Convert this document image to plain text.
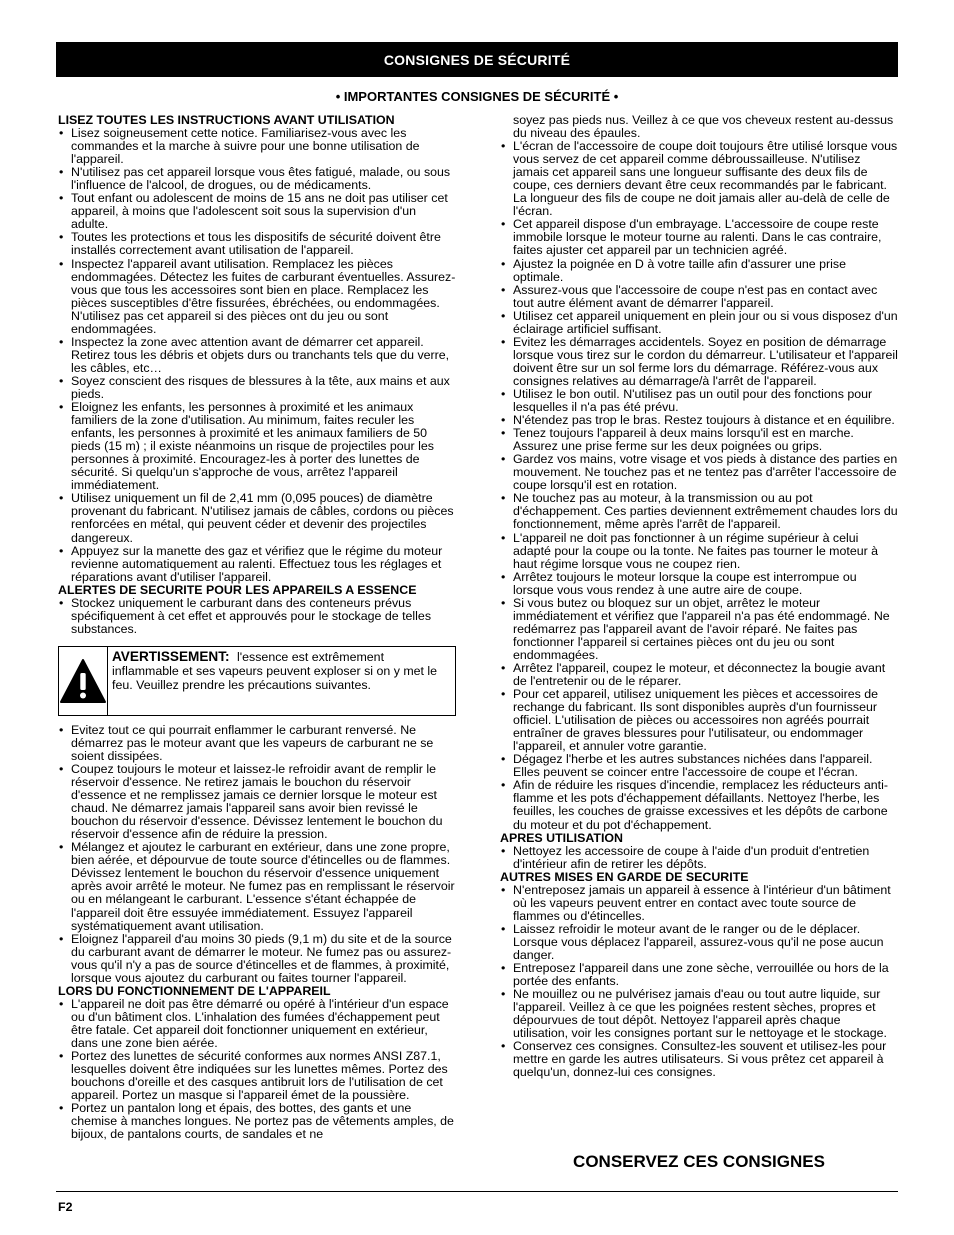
CONSIGNES DE SÉCURITÉ
• IMPORTANTES CONSIGNES DE SÉCURITÉ •
LISEZ TOUTES LES INSTRUCTIONS AVANT UTILISATION
• Lisez soigneusement cette notice. Familiarisez-vous avec les commandes et la marche à suivre pour une bonne utilisation de l'appareil.
• N'utilisez pas cet appareil lorsque vous êtes fatigué, malade, ou sous l'influence de l'alcool, de drogues, ou de médicaments.
• Tout enfant ou adolescent de moins de 15 ans ne doit pas utiliser cet appareil, à moins que l'adolescent soit sous la supervision d'un adulte.
• Toutes les protections et tous les dispositifs de sécurité doivent être installés correctement avant utilisation de l'appareil.
• Inspectez l'appareil avant utilisation. Remplacez les pièces endommagées. Détectez les fuites de carburant éventuelles. Assurez-vous que tous les accessoires sont bien en place. Remplacez les pièces susceptibles d'être fissurées, ébréchées, ou endommagées. N'utilisez pas cet appareil si des pièces ont du jeu ou sont endommagées.
• Inspectez la zone avec attention avant de démarrer cet appareil. Retirez tous les débris et objets durs ou tranchants tels que du verre, les câbles, etc…
• Soyez conscient des risques de blessures à la tête, aux mains et aux pieds.
• Eloignez les enfants, les personnes à proximité et les animaux familiers de la zone d'utilisation. Au minimum, faites reculer les enfants, les personnes à proximité et les animaux familiers de 50 pieds (15 m) ; il existe néanmoins un risque de projectiles pour les personnes à proximité. Encouragez-les à porter des lunettes de sécurité. Si quelqu'un s'approche de vous, arrêtez l'appareil immédiatement.
• Utilisez uniquement un fil de 2,41 mm (0,095 pouces) de diamètre provenant du fabricant. N'utilisez jamais de câbles, cordons ou pièces renforcées en métal, qui peuvent céder et devenir des projectiles dangereux.
• Appuyez sur la manette des gaz et vérifiez que le régime du moteur revienne automatiquement au ralenti. Effectuez tous les réglages et réparations avant d'utiliser l'appareil.
ALERTES DE SECURITE POUR LES APPAREILS A ESSENCE
• Stockez uniquement le carburant dans des conteneurs prévus spécifiquement à cet effet et approuvés pour le stockage de telles substances.
AVERTISSEMENT: l'essence est extrêmement inflammable et ses vapeurs peuvent exploser si on y met le feu. Veuillez prendre les précautions suivantes.
• Evitez tout ce qui pourrait enflammer le carburant renversé. Ne démarrez pas le moteur avant que les vapeurs de carburant ne se soient dissipées.
• Coupez toujours le moteur et laissez-le refroidir avant de remplir le réservoir d'essence. Ne retirez jamais le bouchon du réservoir d'essence et ne remplissez jamais ce dernier lorsque le moteur est chaud. Ne démarrez jamais l'appareil sans avoir bien revissé le bouchon du réservoir d'essence. Dévissez lentement le bouchon du réservoir d'essence afin de réduire la pression.
• Mélangez et ajoutez le carburant en extérieur, dans une zone propre, bien aérée, et dépourvue de toute source d'étincelles ou de flammes. Dévissez lentement le bouchon du réservoir d'essence uniquement après avoir arrêté le moteur. Ne fumez pas en remplissant le réservoir ou en mélangeant le carburant. L'essence s'étant échappée de l'appareil doit être essuyée immédiatement. Essuyez l'appareil systématiquement avant utilisation.
• Eloignez l'appareil d'au moins 30 pieds (9,1 m) du site et de la source du carburant avant de démarrer le moteur. Ne fumez pas ou assurez-vous qu'il n'y a pas de source d'étincelles et de flammes, à proximité, lorsque vous ajoutez du carburant ou faites tourner l'appareil.
LORS DU FONCTIONNEMENT DE L'APPAREIL
• L'appareil ne doit pas être démarré ou opéré à l'intérieur d'un espace ou d'un bâtiment clos. L'inhalation des fumées d'échappement peut être fatale. Cet appareil doit fonctionner uniquement en extérieur, dans une zone bien aérée.
• Portez des lunettes de sécurité conformes aux normes ANSI Z87.1, lesquelles doivent être indiquées sur les lunettes mêmes. Portez des bouchons d'oreille et des casques antibruit lors de l'utilisation de cet appareil. Portez un masque si l'appareil émet de la poussière.
• Portez un pantalon long et épais, des bottes, des gants et une chemise à manches longues. Ne portez pas de vêtements amples, de bijoux, de pantalons courts, de sandales et ne
soyez pas pieds nus. Veillez à ce que vos cheveux restent au-dessus du niveau des épaules.
• L'écran de l'accessoire de coupe doit toujours être utilisé lorsque vous vous servez de cet appareil comme débroussailleuse. N'utilisez jamais cet appareil sans une longueur suffisante des deux fils de coupe, ces derniers devant être ceux recommandés par le fabricant. La longueur des fils de coupe ne doit jamais aller au-delà de celle de l'écran.
• Cet appareil dispose d'un embrayage. L'accessoire de coupe reste immobile lorsque le moteur tourne au ralenti. Dans le cas contraire, faites ajuster cet appareil par un technicien agréé.
• Ajustez la poignée en D à votre taille afin d'assurer une prise optimale.
• Assurez-vous que l'accessoire de coupe n'est pas en contact avec tout autre élément avant de démarrer l'appareil.
• Utilisez cet appareil uniquement en plein jour ou si vous disposez d'un éclairage artificiel suffisant.
• Evitez les démarrages accidentels. Soyez en position de démarrage lorsque vous tirez sur le cordon du démarreur. L'utilisateur et l'appareil doivent être sur un sol ferme lors du démarrage. Référez-vous aux consignes relatives au démarrage/à l'arrêt de l'appareil.
• Utilisez le bon outil. N'utilisez pas un outil pour des fonctions pour lesquelles il n'a pas été prévu.
• N'étendez pas trop le bras. Restez toujours à distance et en équilibre.
• Tenez toujours l'appareil à deux mains lorsqu'il est en marche. Assurez une prise ferme sur les deux poignées ou grips.
• Gardez vos mains, votre visage et vos pieds à distance des parties en mouvement. Ne touchez pas et ne tentez pas d'arrêter l'accessoire de coupe lorsqu'il est en rotation.
• Ne touchez pas au moteur, à la transmission ou au pot d'échappement. Ces parties deviennent extrêmement chaudes lors du fonctionnement, même après l'arrêt de l'appareil.
• L'appareil ne doit pas fonctionner à un régime supérieur à celui adapté pour la coupe ou la tonte. Ne faites pas tourner le moteur à haut régime lorsque vous ne coupez rien.
• Arrêtez toujours le moteur lorsque la coupe est interrompue ou lorsque vous vous rendez à une autre aire de coupe.
• Si vous butez ou bloquez sur un objet, arrêtez le moteur immédiatement et vérifiez que l'appareil n'a pas été endommagé. Ne redémarrez pas l'appareil avant de l'avoir réparé. Ne faites pas fonctionner l'appareil si certaines pièces ont du jeu ou sont endommagées.
• Arrêtez l'appareil, coupez le moteur, et déconnectez la bougie avant de l'entretenir ou de le réparer.
• Pour cet appareil, utilisez uniquement les pièces et accessoires de rechange du fabricant. Ils sont disponibles auprès d'un fournisseur officiel. L'utilisation de pièces ou accessoires non agréés pourrait entraîner de graves blessures pour l'utilisateur, ou endommager l'appareil, et annuler votre garantie.
• Dégagez l'herbe et les autres substances nichées dans l'appareil. Elles peuvent se coincer entre l'accessoire de coupe et l'écran.
• Afin de réduire les risques d'incendie, remplacez les réducteurs anti-flamme et les pots d'échappement défaillants. Nettoyez l'herbe, les feuilles, les couches de graisse excessives et les dépôts de carbone du moteur et du pot d'échappement.
APRES UTILISATION
• Nettoyez les accessoire de coupe à l'aide d'un produit d'entretien d'intérieur afin de retirer les dépôts.
AUTRES MISES EN GARDE DE SECURITE
• N'entreposez jamais un appareil à essence à l'intérieur d'un bâtiment où les vapeurs peuvent entrer en contact avec toute source de flammes ou d'étincelles.
• Laissez refroidir le moteur avant de le ranger ou de le déplacer. Lorsque vous déplacez l'appareil, assurez-vous qu'il ne pose aucun danger.
• Entreposez l'appareil dans une zone sèche, verrouillée ou hors de la portée des enfants.
• Ne mouillez ou ne pulvérisez jamais d'eau ou tout autre liquide, sur l'appareil. Veillez à ce que les poignées restent sèches, propres et dépourvues de tout dépôt. Nettoyez l'appareil après chaque utilisation, voir les consignes portant sur le nettoyage et le stockage.
• Conservez ces consignes. Consultez-les souvent et utilisez-les pour mettre en garde les autres utilisateurs. Si vous prêtez cet appareil à quelqu'un, donnez-lui ces consignes.
CONSERVEZ CES CONSIGNES
F2
